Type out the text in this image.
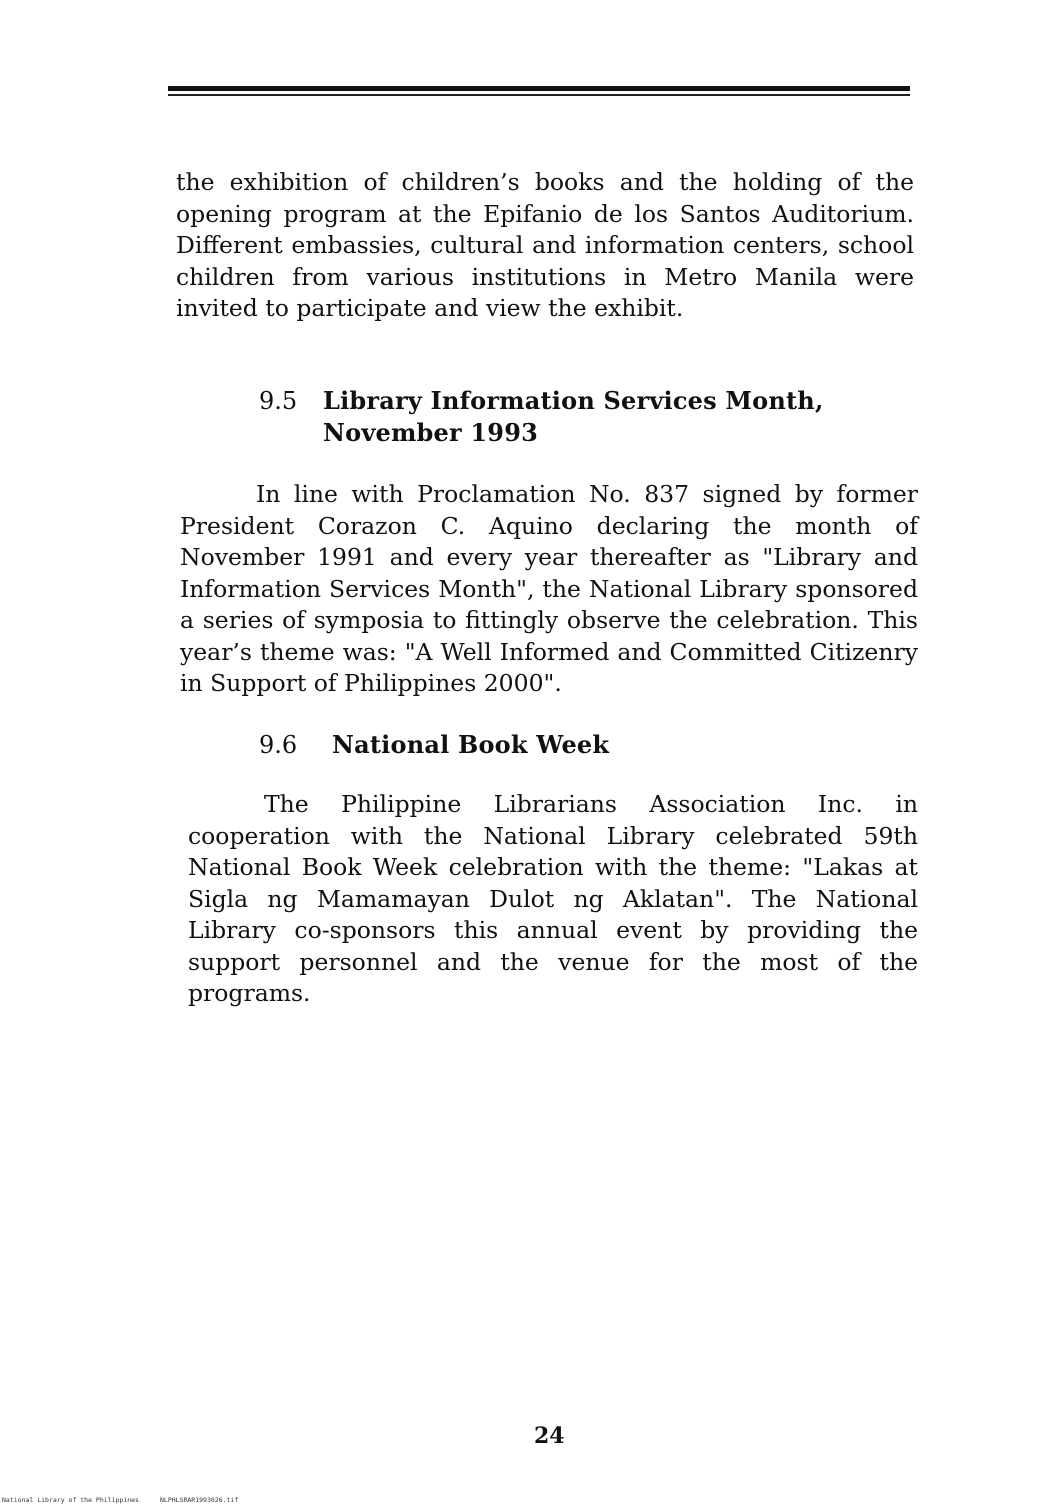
the exhibition of children’s books and the holding of the opening program at the Epifanio de los Santos Auditorium. Different embassies, cultural and information centers, school children from various institutions in Metro Manila were invited to participate and view the exhibit.

9.5 Library Information Services Month, November 1993

In line with Proclamation No. 837 signed by former President Corazon C. Aquino declaring the month of November 1991 and every year thereafter as "Library and Information Services Month", the National Library sponsored a series of symposia to fittingly observe the celebration. This year’s theme was: "A Well Informed and Committed Citizenry in Support of Philippines 2000".

9.6 National Book Week

The Philippine Librarians Association Inc. in cooperation with the National Library celebrated 59th National Book Week celebration with the theme: "Lakas at Sigla ng Mamamayan Dulot ng Aklatan". The National Library co-sponsors this annual event by providing the support personnel and the venue for the most of the programs.

24

National Library of the Philippines	NLPHLSRAR1993026.tif
